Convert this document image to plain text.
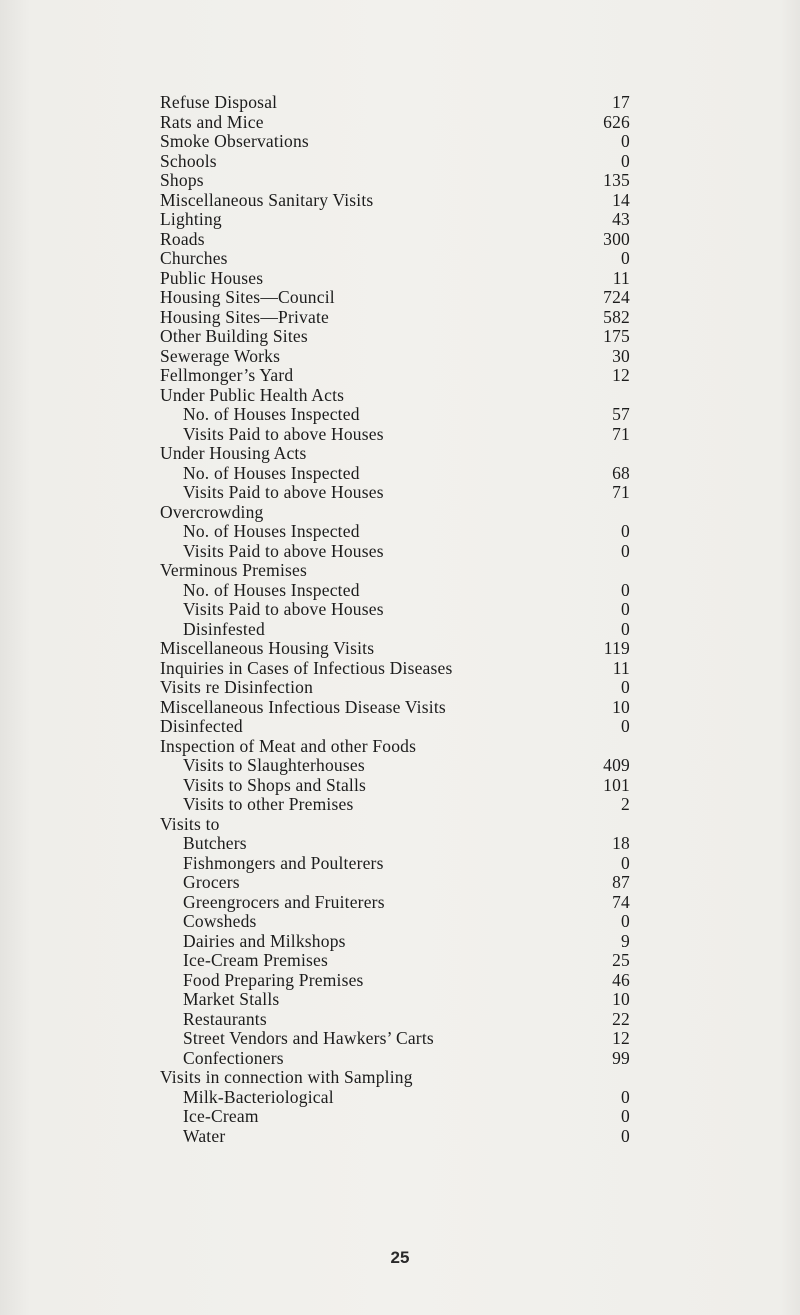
Refuse Disposal	17
Rats and Mice	626
Smoke Observations	0
Schools	0
Shops	135
Miscellaneous Sanitary Visits	14
Lighting	43
Roads	300
Churches	0
Public Houses	11
Housing Sites—Council	724
Housing Sites—Private	582
Other Building Sites	175
Sewerage Works	30
Fellmonger’s Yard	12
Under Public Health Acts
No. of Houses Inspected	57
Visits Paid to above Houses	71
Under Housing Acts
No. of Houses Inspected	68
Visits Paid to above Houses	71
Overcrowding
No. of Houses Inspected	0
Visits Paid to above Houses	0
Verminous Premises
No. of Houses Inspected	0
Visits Paid to above Houses	0
Disinfested	0
Miscellaneous Housing Visits	119
Inquiries in Cases of Infectious Diseases	11
Visits re Disinfection	0
Miscellaneous Infectious Disease Visits	10
Disinfected	0
Inspection of Meat and other Foods
Visits to Slaughterhouses	409
Visits to Shops and Stalls	101
Visits to other Premises	2
Visits to
Butchers	18
Fishmongers and Poulterers	0
Grocers	87
Greengrocers and Fruiterers	74
Cowsheds	0
Dairies and Milkshops	9
Ice-Cream Premises	25
Food Preparing Premises	46
Market Stalls	10
Restaurants	22
Street Vendors and Hawkers’ Carts	12
Confectioners	99
Visits in connection with Sampling
Milk-Bacteriological	0
Ice-Cream	0
Water	0
25
